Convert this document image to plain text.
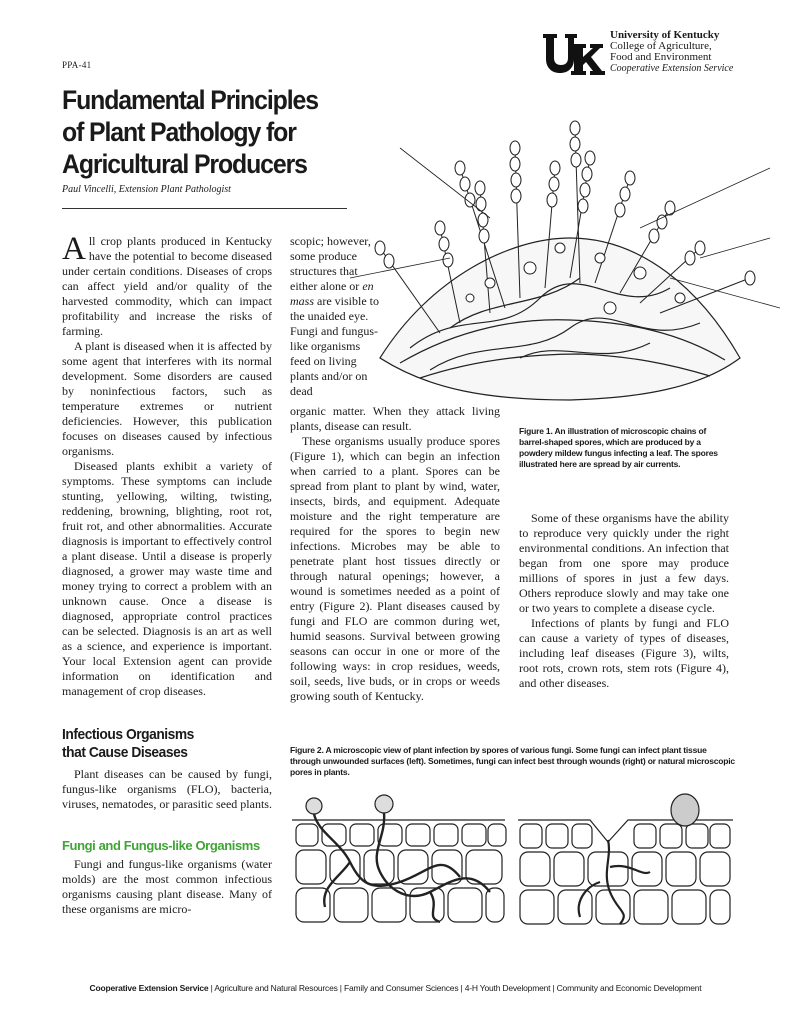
PPA-41
University of Kentucky
College of Agriculture,
Food and Environment
Cooperative Extension Service
Fundamental Principles
of Plant Pathology for
Agricultural Producers
Paul Vincelli, Extension Plant Pathologist

All crop plants produced in Kentucky have the potential to become diseased under certain conditions. Diseases of crops can affect yield and/or quality of the harvested commodity, which can impact profitability and increase the risks of farming.

A plant is diseased when it is affected by some agent that interferes with its normal development. Some disorders are caused by noninfectious factors, such as temperature extremes or nutrient deficiencies. However, this publication focuses on diseases caused by infectious organisms.

Diseased plants exhibit a variety of symptoms. These symptoms can include stunting, yellowing, wilting, twisting, reddening, browning, blighting, root rot, fruit rot, and other abnormalities. Accurate diagnosis is important to effectively control a plant disease. Until a disease is properly diagnosed, a grower may waste time and money trying to correct a problem with an unknown cause. Once a disease is diagnosed, appropriate control practices can be selected. Diagnosis is an art as well as a science, and experience is important. Your local Extension agent can provide information on identification and management of crop diseases.

Infectious Organisms
that Cause Diseases

Plant diseases can be caused by fungi, fungus-like organisms (FLO), bacteria, viruses, nematodes, or parasitic seed plants.

Fungi and Fungus-like Organisms

Fungi and fungus-like organisms (water molds) are the most common infectious organisms causing plant disease. Many of these organisms are micro-

scopic; however, some produce structures that either alone or en mass are visible to the unaided eye. Fungi and fungus-like organisms feed on living plants and/or on dead

organic matter. When they attack living plants, disease can result.

These organisms usually produce spores (Figure 1), which can begin an infection when carried to a plant. Spores can be spread from plant to plant by wind, water, insects, birds, and equipment. Adequate moisture and the right temperature are required for the spores to begin new infections. Microbes may be able to penetrate plant host tissues directly or through natural openings; however, a wound is sometimes needed as a point of entry (Figure 2). Plant diseases caused by fungi and FLO are common during wet, humid seasons. Survival between growing seasons can occur in one or more of the following ways: in crop residues, weeds, soil, seeds, live buds, or in crops or weeds growing south of Kentucky.

Figure 1. An illustration of microscopic chains of barrel-shaped spores, which are produced by a powdery mildew fungus infecting a leaf. The spores illustrated here are spread by air currents.

Some of these organisms have the ability to reproduce very quickly under the right environmental conditions. An infection that began from one spore may produce millions of spores in just a few days. Others reproduce slowly and may take one or two years to complete a disease cycle.

Infections of plants by fungi and FLO can cause a variety of types of diseases, including leaf diseases (Figure 3), wilts, root rots, crown rots, stem rots (Figure 4), and other diseases.

Figure 2. A microscopic view of plant infection by spores of various fungi. Some fungi can infect plant tissue through unwounded surfaces (left). Sometimes, fungi can infect best through wounds (right) or natural microscopic pores in plants.
Cooperative Extension Service | Agriculture and Natural Resources | Family and Consumer Sciences | 4-H Youth Development | Community and Economic Development
